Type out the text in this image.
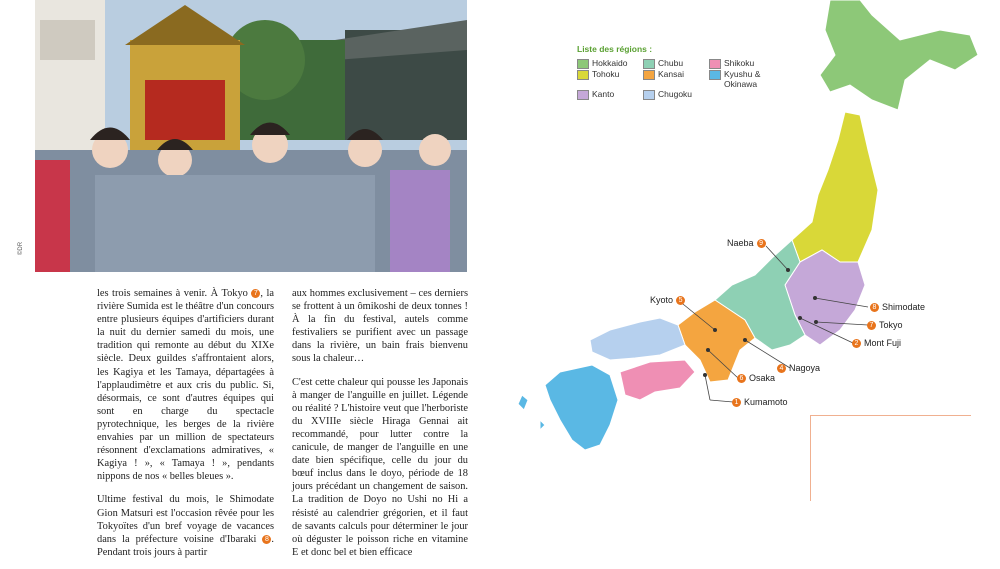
©DR

les trois semaines à venir. À Tokyo 7 , la rivière Sumida est le théâtre d'un concours entre plusieurs équipes d'artificiers durant la nuit du dernier samedi du mois, une tradition qui remonte au début du XIXe siècle. Deux guildes s'affrontaient alors, les Kagiya et les Tamaya, départagées à l'applaudimètre et aux cris du public. Si, désormais, ce sont d'autres équipes qui sont en charge du spectacle pyrotechnique, les berges de la rivière envahies par un million de spectateurs résonnent d'exclamations admiratives, « Kagiya ! », « Tamaya ! », pendants nippons de nos « belles bleues ».

Ultime festival du mois, le Shimodate Gion Matsuri est l'occasion rêvée pour les Tokyoïtes d'un bref voyage de vacances dans la préfecture voisine d'Ibaraki 8 . Pendant trois jours à partir

aux hommes exclusivement – ces derniers se frottent à un ômikoshi de deux tonnes ! À la fin du festival, autels comme festivaliers se purifient avec un passage dans la rivière, un bain frais bienvenu sous la chaleur…

C'est cette chaleur qui pousse les Japonais à manger de l'anguille en juillet. Légende ou réalité ? L'histoire veut que l'herboriste du XVIIIe siècle Hiraga Gennai ait recommandé, pour lutter contre la canicule, de manger de l'anguille en une date bien spécifique, celle du jour du bœuf inclus dans le doyo, période de 18 jours précédant un changement de saison. La tradition de Doyo no Ushi no Hi a résisté au calendrier grégorien, et il faut de savants calculs pour déterminer le jour où déguster le poisson riche en vitamine E et donc bel et bien efficace

Naeba 9
Kyoto 5
8 Shimodate
7 Tokyo
2 Mont Fuji
4 Nagoya
6 Osaka
1 Kumamoto
Liste des régions :
Hokkaido	Chubu	Shikoku
Tohoku	Kansai	Kyushu & Okinawa
Kanto	Chugoku
